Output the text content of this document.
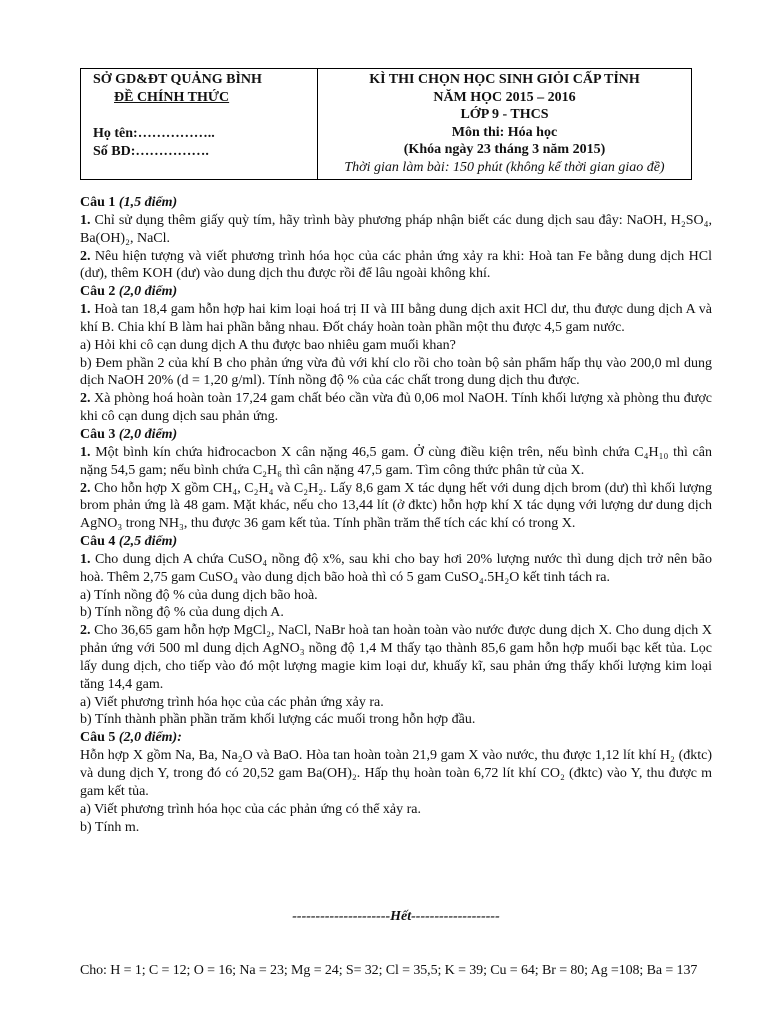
SỞ GD&ĐT QUẢNG BÌNH
ĐỀ CHÍNH THỨC
Họ tên:……………..
Số BD:…………….
KÌ THI CHỌN HỌC SINH GIỎI CẤP TỈNH
NĂM HỌC 2015 – 2016
LỚP 9 - THCS
Môn thi: Hóa học
(Khóa ngày 23 tháng 3 năm 2015)
Thời gian làm bài: 150 phút (không kể thời gian giao đề)

Câu 1 (1,5 điểm)

1. Chỉ sử dụng thêm giấy quỳ tím, hãy trình bày phương pháp nhận biết các dung dịch sau đây: NaOH, H₂SO₄, Ba(OH)₂, NaCl.

2. Nêu hiện tượng và viết phương trình hóa học của các phản ứng xảy ra khi: Hoà tan Fe bằng dung dịch HCl (dư), thêm KOH (dư) vào dung dịch thu được rồi để lâu ngoài không khí.

Câu 2 (2,0 điểm)

1. Hoà tan 18,4 gam hỗn hợp hai kim loại hoá trị II và III bằng dung dịch axit HCl dư, thu được dung dịch A và khí B. Chia khí B làm hai phần bằng nhau. Đốt cháy hoàn toàn phần một thu được 4,5 gam nước.

a) Hỏi khi cô cạn dung dịch A thu được bao nhiêu gam muối khan?

b) Đem phần 2 của khí B cho phản ứng vừa đủ với khí clo rồi cho toàn bộ sản phẩm hấp thụ vào 200,0 ml dung dịch NaOH 20% (d = 1,20 g/ml). Tính nồng độ % của các chất trong dung dịch thu được.

2. Xà phòng hoá hoàn toàn 17,24 gam chất béo cần vừa đủ 0,06 mol NaOH. Tính khối lượng xà phòng thu được khi cô cạn dung dịch sau phản ứng.

Câu 3 (2,0 điểm)

1. Một bình kín chứa hiđrocacbon X cân nặng 46,5 gam. Ở cùng điều kiện trên, nếu bình chứa C₄H₁₀ thì cân nặng 54,5 gam; nếu bình chứa C₂H₆ thì cân nặng 47,5 gam. Tìm công thức phân tử của X.

2. Cho hỗn hợp X gồm CH₄, C₂H₄ và C₂H₂. Lấy 8,6 gam X tác dụng hết với dung dịch brom (dư) thì khối lượng brom phản ứng là 48 gam. Mặt khác, nếu cho 13,44 lít (ở đktc) hỗn hợp khí X tác dụng với lượng dư dung dịch AgNO₃ trong NH₃, thu được 36 gam kết tủa. Tính phần trăm thể tích các khí có trong X.

Câu 4 (2,5 điểm)

1. Cho dung dịch A chứa CuSO₄ nồng độ x%, sau khi cho bay hơi 20% lượng nước thì dung dịch trở nên bão hoà. Thêm 2,75 gam CuSO₄ vào dung dịch bão hoà thì có 5 gam CuSO₄.5H₂O kết tinh tách ra.

a) Tính nồng độ % của dung dịch bão hoà.

b) Tính nồng độ % của dung dịch A.

2. Cho 36,65 gam hỗn hợp MgCl₂, NaCl, NaBr hoà tan hoàn toàn vào nước được dung dịch X. Cho dung dịch X phản ứng với 500 ml dung dịch AgNO₃ nồng độ 1,4 M thấy tạo thành 85,6 gam hỗn hợp muối bạc kết tủa. Lọc lấy dung dịch, cho tiếp vào đó một lượng magie kim loại dư, khuấy kĩ, sau phản ứng thấy khối lượng kim loại tăng 14,4 gam.

a) Viết phương trình hóa học của các phản ứng xảy ra.

b) Tính thành phần phần trăm khối lượng các muối trong hỗn hợp đầu.

Câu 5 (2,0 điểm):

Hỗn hợp X gồm Na, Ba, Na₂O và BaO. Hòa tan hoàn toàn 21,9 gam X vào nước, thu được 1,12 lít khí H₂ (đktc) và dung dịch Y, trong đó có 20,52 gam Ba(OH)₂. Hấp thụ hoàn toàn 6,72 lít khí CO₂ (đktc) vào Y, thu được m gam kết tủa.

a) Viết phương trình hóa học của các phản ứng có thể xảy ra.

b) Tính m.

---------------------Hết-------------------
Cho: H = 1; C = 12; O = 16; Na = 23; Mg = 24; S= 32; Cl = 35,5; K = 39; Cu = 64; Br = 80; Ag =108; Ba = 137
